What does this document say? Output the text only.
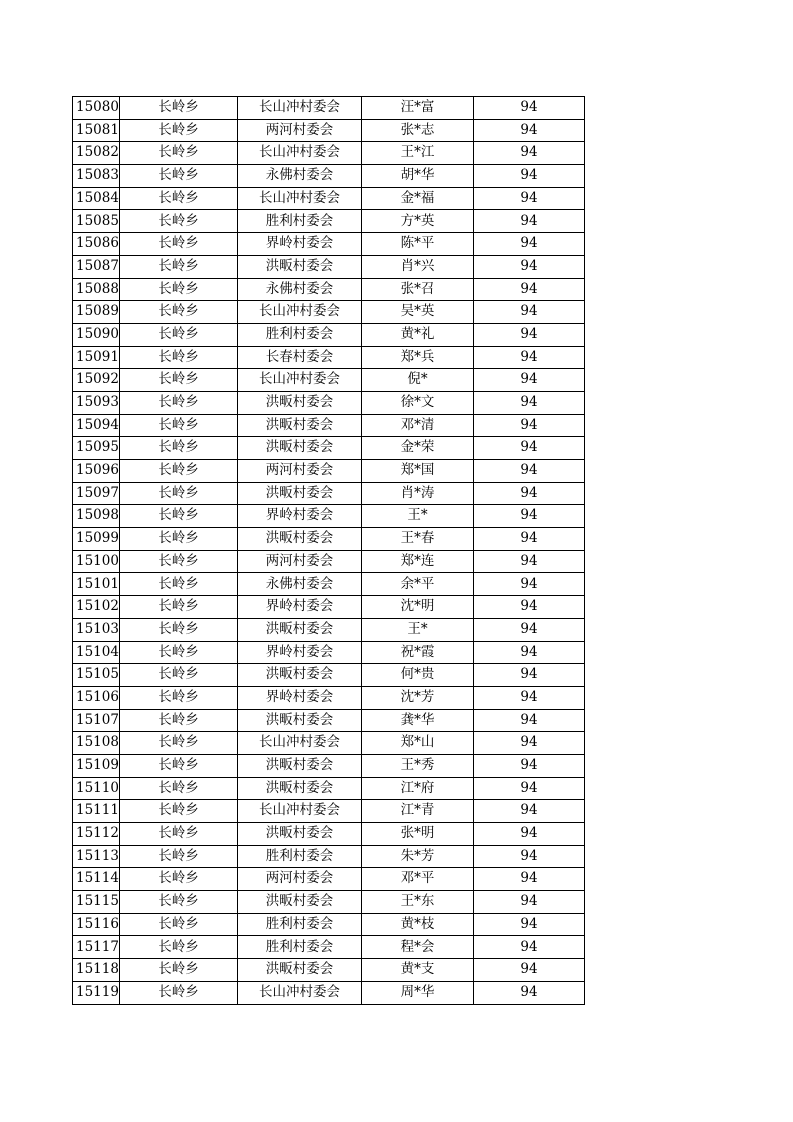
15080	长岭乡	长山冲村委会	汪*富	94
15081	长岭乡	两河村委会	张*志	94
15082	长岭乡	长山冲村委会	王*江	94
15083	长岭乡	永佛村委会	胡*华	94
15084	长岭乡	长山冲村委会	金*福	94
15085	长岭乡	胜利村委会	方*英	94
15086	长岭乡	界岭村委会	陈*平	94
15087	长岭乡	洪畈村委会	肖*兴	94
15088	长岭乡	永佛村委会	张*召	94
15089	长岭乡	长山冲村委会	吴*英	94
15090	长岭乡	胜利村委会	黄*礼	94
15091	长岭乡	长春村委会	郑*兵	94
15092	长岭乡	长山冲村委会	倪*	94
15093	长岭乡	洪畈村委会	徐*文	94
15094	长岭乡	洪畈村委会	邓*清	94
15095	长岭乡	洪畈村委会	金*荣	94
15096	长岭乡	两河村委会	郑*国	94
15097	长岭乡	洪畈村委会	肖*涛	94
15098	长岭乡	界岭村委会	王*	94
15099	长岭乡	洪畈村委会	王*春	94
15100	长岭乡	两河村委会	郑*连	94
15101	长岭乡	永佛村委会	余*平	94
15102	长岭乡	界岭村委会	沈*明	94
15103	长岭乡	洪畈村委会	王*	94
15104	长岭乡	界岭村委会	祝*霞	94
15105	长岭乡	洪畈村委会	何*贵	94
15106	长岭乡	界岭村委会	沈*芳	94
15107	长岭乡	洪畈村委会	龚*华	94
15108	长岭乡	长山冲村委会	郑*山	94
15109	长岭乡	洪畈村委会	王*秀	94
15110	长岭乡	洪畈村委会	江*府	94
15111	长岭乡	长山冲村委会	江*青	94
15112	长岭乡	洪畈村委会	张*明	94
15113	长岭乡	胜利村委会	朱*芳	94
15114	长岭乡	两河村委会	邓*平	94
15115	长岭乡	洪畈村委会	王*东	94
15116	长岭乡	胜利村委会	黄*枝	94
15117	长岭乡	胜利村委会	程*会	94
15118	长岭乡	洪畈村委会	黄*支	94
15119	长岭乡	长山冲村委会	周*华	94
